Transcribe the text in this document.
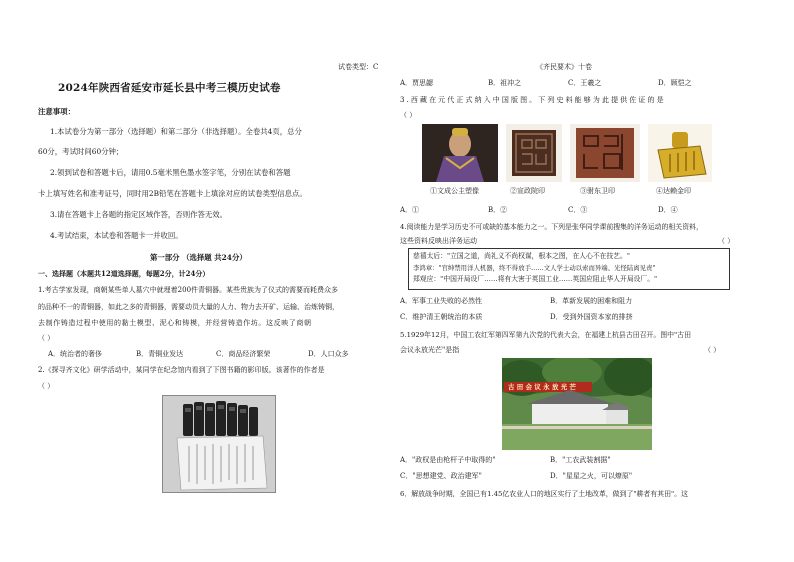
试卷类型：C
2024年陕西省延安市延长县中考三模历史试卷
注意事项：
1.本试卷分为第一部分（选择题）和第二部分（非选择题）。全卷共4页，总分
60分，考试时间60分钟；
2.领到试卷和答题卡后，请用0.5毫米黑色墨水签字笔，分别在试卷和答题
卡上填写姓名和准考证号，同时用2B铅笔在答题卡上填涂对应的试卷类型信息点。
3.请在答题卡上各题的指定区域作答，否则作答无效。
4.考试结束，本试卷和答题卡一并收回。
第一部分 （选择题 共24分）
一、选择题（本题共12道选择题，每题2分，计24分）
1.考古学家发现，商朝某些单人墓穴中就埋着200件青铜器。某些贵族为了仪式的需要而耗费众多
的品种不一的青铜器，如此之多的青铜器，需要动员大量的人力、物力去开矿、运输、治炼铸铜，
去制作铸造过程中使用的黏土模型、泥心和铸模，并经营铸造作坊。这反映了商朝
（ ）
A．统治者的奢侈	B．青铜业发达	C．商品经济繁荣	D．人口众多
2.《探寻齐文化》研学活动中，某同学在纪念馆内看到了下图书籍的影印版。该著作的作者是
（ ）
《齐民要术》十卷
A．贾思勰	B．祖冲之	C．王羲之	D．顾恺之
3.西藏在元代正式纳入中国版图。下列史料能够为此提供佐证的是
（ ）
①文成公主塑像	②宣政院印	③驸东卫印	④达赖金印
A．①	B．②	C．③	D．④
4.阅读能力是学习历史不可或缺的基本能力之一。下列是张华同学课前搜集的洋务运动的相关资料，
这些资料反映出洋务运动	（ ）
慈禧太后："立国之道，尚礼义不尚权谋，根本之图，在人心不在技艺。"
李鸿章："官绅禁用洋人机器，终不得放手……文人学士动以索而异端、光怪陆离见责"
郑观应："中国开局设厂……将有大害于英国工业……英国应阻止华人开局设厂。"
A．军事工业失败的必然性	B．革新发展的困难和阻力
C．维护清王朝统治的本质	D．受到外国资本家的排挤
5.1929年12月，中国工农红军第四军第九次党的代表大会，在福建上杭县古田召开。图中"古田
会议永放光芒"是指	（ ）
古田会议永放光芒
A．"政权是由枪杆子中取得的"	B．"工农武装割据"
C．"思想建党、政治建军"	D．"星星之火，可以燎原"
6．解放战争时期，全国已有1.45亿农业人口的地区实行了土地改革，做到了"耕者有其田"。这
